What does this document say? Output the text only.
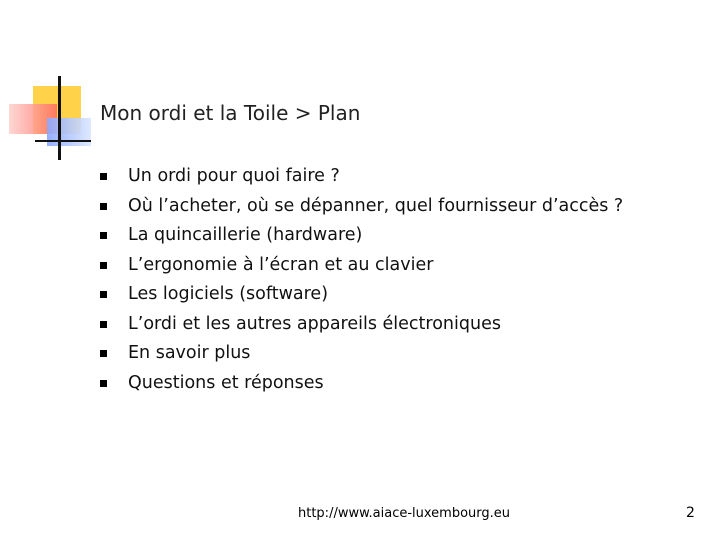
Mon ordi et la Toile > Plan
Un ordi pour quoi faire ?
Où l’acheter, où se dépanner, quel fournisseur d’accès ?
La quincaillerie (hardware)
L’ergonomie à l’écran et au clavier
Les logiciels (software)
L’ordi et les autres appareils électroniques
En savoir plus
Questions et réponses
http://www.aiace-luxembourg.eu	2
